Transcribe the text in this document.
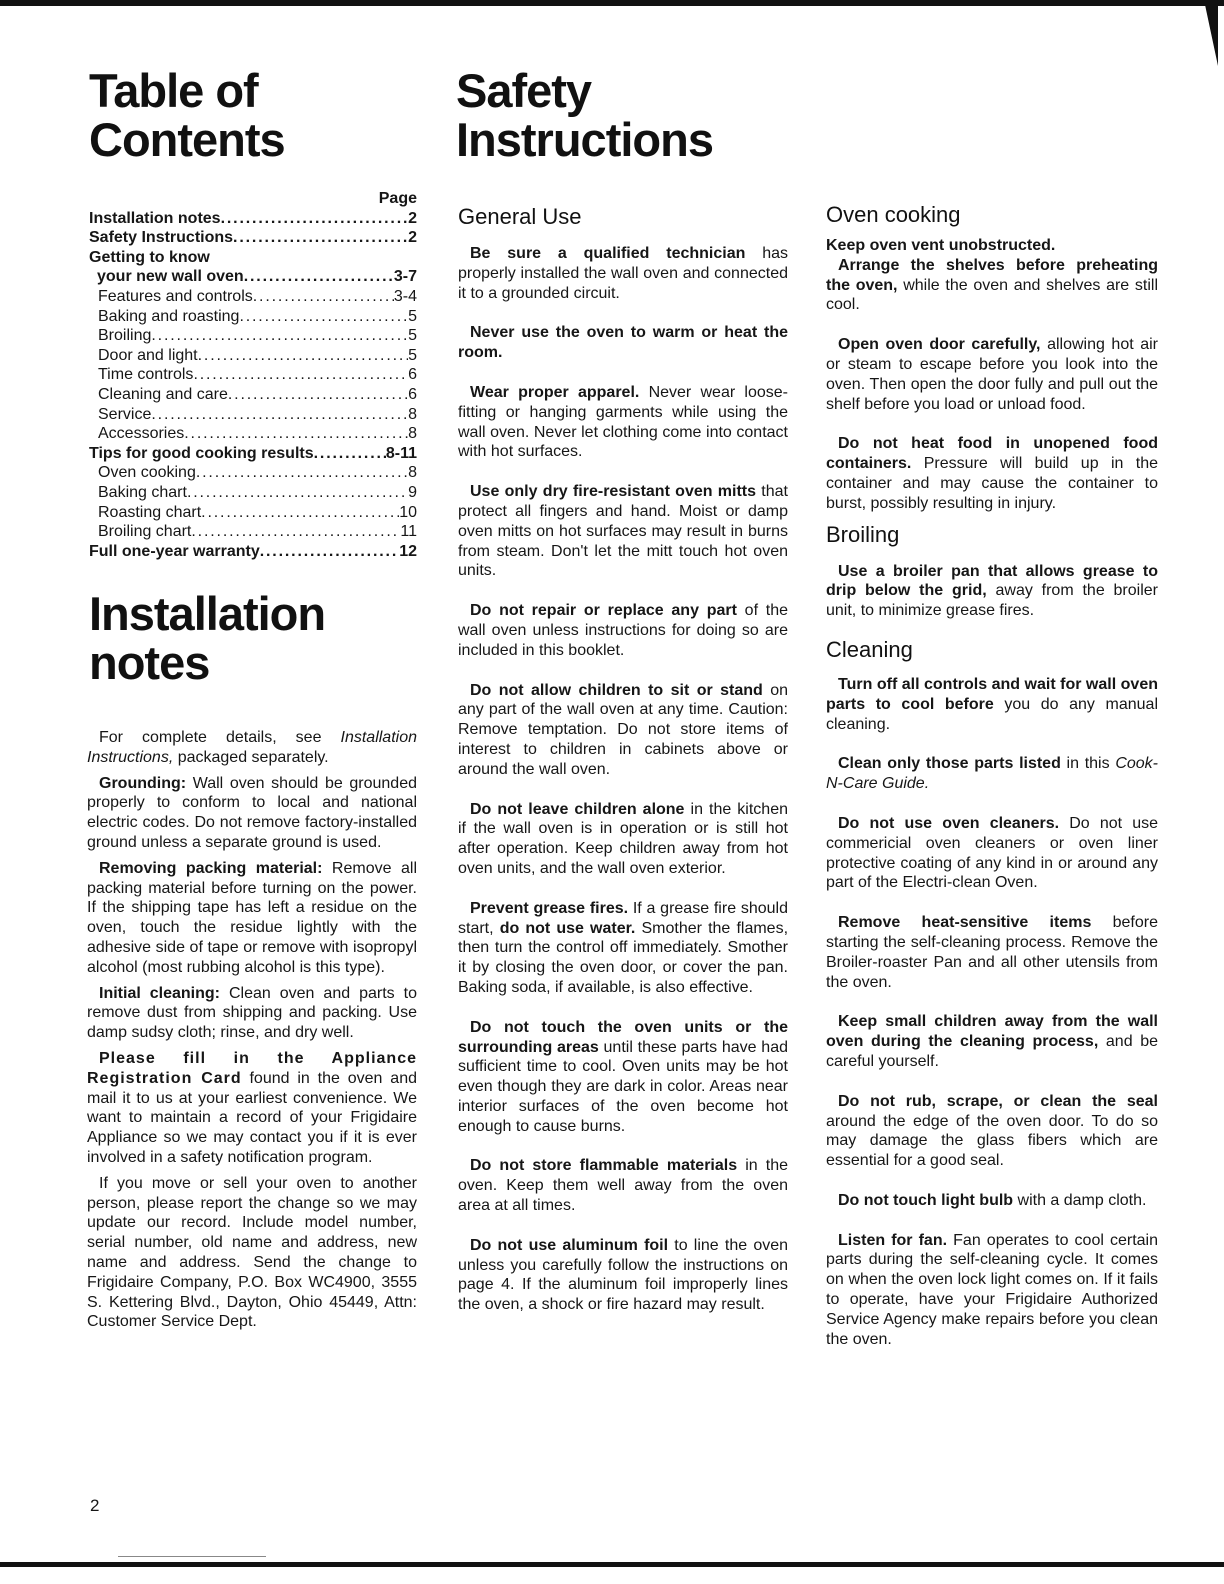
Table of Contents
Safety Instructions
Page
Installation notes . . .	2
Safety Instructions . . .	2
Getting to know
your new wall oven . . .	3-7
Features and controls . . .	3-4
Baking and roasting . . .	5
Broiling . . .	5
Door and light . . .	5
Time controls . . .	6
Cleaning and care . . .	6
Service . . .	8
Accessories . . .	8
Tips for good cooking results . . .	8-11
Oven cooking . . .	8
Baking chart . . .	9
Roasting chart . . .	10
Broiling chart . . .	11
Full one-year warranty . . .	12
Installation notes

For complete details, see Installation Instructions, packaged separately.

Grounding: Wall oven should be grounded properly to conform to local and national electric codes. Do not remove factory-installed ground unless a separate ground is used.

Removing packing material: Remove all packing material before turning on the power. If the shipping tape has left a residue on the oven, touch the residue lightly with the adhesive side of tape or remove with isopropyl alcohol (most rubbing alcohol is this type).

Initial cleaning: Clean oven and parts to remove dust from shipping and packing. Use damp sudsy cloth; rinse, and dry well.

Please fill in the Appliance Registration Card found in the oven and mail it to us at your earliest convenience. We want to maintain a record of your Frigidaire Appliance so we may contact you if it is ever involved in a safety notification program.

If you move or sell your oven to another person, please report the change so we may update our record. Include model number, serial number, old name and address, new name and address. Send the change to Frigidaire Company, P.O. Box WC4900, 3555 S. Kettering Blvd., Dayton, Ohio 45449, Attn: Customer Service Dept.

General Use

Be sure a qualified technician has properly installed the wall oven and connected it to a grounded circuit.

Never use the oven to warm or heat the room.

Wear proper apparel. Never wear loose-fitting or hanging garments while using the wall oven. Never let clothing come into contact with hot surfaces.

Use only dry fire-resistant oven mitts that protect all fingers and hand. Moist or damp oven mitts on hot surfaces may result in burns from steam. Don't let the mitt touch hot oven units.

Do not repair or replace any part of the wall oven unless instructions for doing so are included in this booklet.

Do not allow children to sit or stand on any part of the wall oven at any time. Caution: Remove temptation. Do not store items of interest to children in cabinets above or around the wall oven.

Do not leave children alone in the kitchen if the wall oven is in operation or is still hot after operation. Keep children away from hot oven units, and the wall oven exterior.

Prevent grease fires. If a grease fire should start, do not use water. Smother the flames, then turn the control off immediately. Smother it by closing the oven door, or cover the pan. Baking soda, if available, is also effective.

Do not touch the oven units or the surrounding areas until these parts have had sufficient time to cool. Oven units may be hot even though they are dark in color. Areas near interior surfaces of the oven become hot enough to cause burns.

Do not store flammable materials in the oven. Keep them well away from the oven area at all times.

Do not use aluminum foil to line the oven unless you carefully follow the instructions on page 4. If the aluminum foil improperly lines the oven, a shock or fire hazard may result.

Oven cooking

Keep oven vent unobstructed.

Arrange the shelves before preheating the oven, while the oven and shelves are still cool.

Open oven door carefully, allowing hot air or steam to escape before you look into the oven. Then open the door fully and pull out the shelf before you load or unload food.

Do not heat food in unopened food containers. Pressure will build up in the container and may cause the container to burst, possibly resulting in injury.

Broiling

Use a broiler pan that allows grease to drip below the grid, away from the broiler unit, to minimize grease fires.

Cleaning

Turn off all controls and wait for wall oven parts to cool before you do any manual cleaning.

Clean only those parts listed in this Cook-N-Care Guide.

Do not use oven cleaners. Do not use commericial oven cleaners or oven liner protective coating of any kind in or around any part of the Electri-clean Oven.

Remove heat-sensitive items before starting the self-cleaning process. Remove the Broiler-roaster Pan and all other utensils from the oven.

Keep small children away from the wall oven during the cleaning process, and be careful yourself.

Do not rub, scrape, or clean the seal around the edge of the oven door. To do so may damage the glass fibers which are essential for a good seal.

Do not touch light bulb with a damp cloth.

Listen for fan. Fan operates to cool certain parts during the self-cleaning cycle. It comes on when the oven lock light comes on. If it fails to operate, have your Frigidaire Authorized Service Agency make repairs before you clean the oven.

2
